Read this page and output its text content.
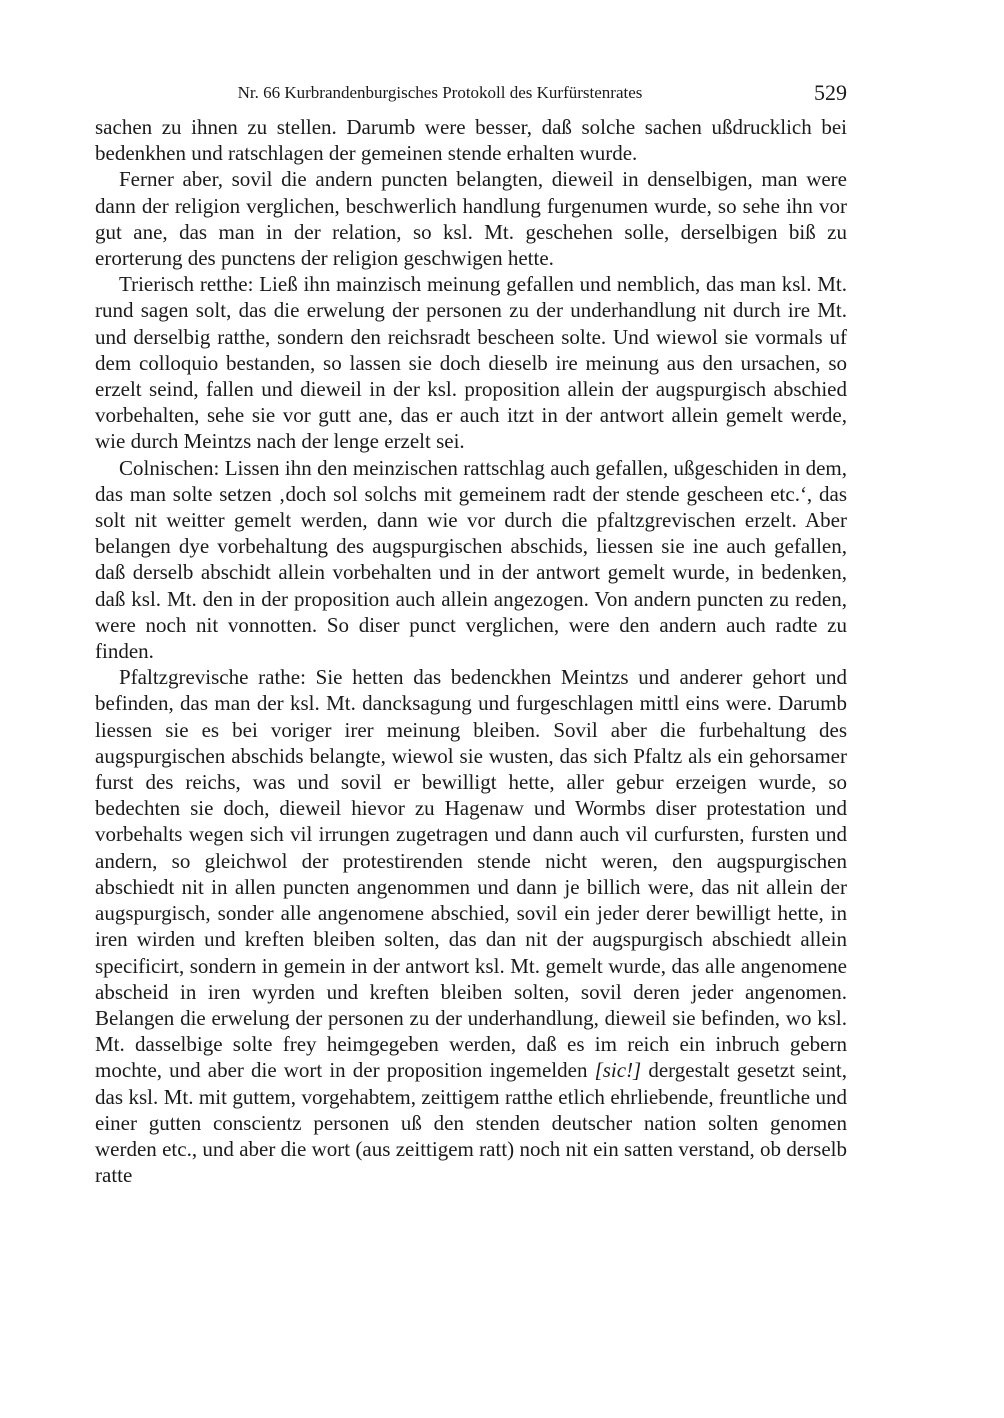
Nr. 66 Kurbrandenburgisches Protokoll des Kurfürstenrates	529

sachen zu ihnen zu stellen. Darumb were besser, daß solche sachen ußdrucklich bei bedenkhen und ratschlagen der gemeinen stende erhalten wurde.

Ferner aber, sovil die andern puncten belangten, dieweil in denselbigen, man were dann der religion verglichen, beschwerlich handlung furgenumen wurde, so sehe ihn vor gut ane, das man in der relation, so ksl. Mt. geschehen solle, derselbigen biß zu erorterung des punctens der religion geschwigen hette.

Trierisch retthe: Ließ ihn mainzisch meinung gefallen und nemblich, das man ksl. Mt. rund sagen solt, das die erwelung der personen zu der underhandlung nit durch ire Mt. und derselbig ratthe, sondern den reichsradt bescheen solte. Und wiewol sie vormals uf dem colloquio bestanden, so lassen sie doch dieselb ire meinung aus den ursachen, so erzelt seind, fallen und dieweil in der ksl. proposition allein der augspurgisch abschied vorbehalten, sehe sie vor gutt ane, das er auch itzt in der antwort allein gemelt werde, wie durch Meintzs nach der lenge erzelt sei.

Colnischen: Lissen ihn den meinzischen rattschlag auch gefallen, ußgeschiden in dem, das man solte setzen ‚doch sol solchs mit gemeinem radt der stende gescheen etc.‘, das solt nit weitter gemelt werden, dann wie vor durch die pfaltzgrevischen erzelt. Aber belangen dye vorbehaltung des augspurgischen abschids, liessen sie ine auch gefallen, daß derselb abschidt allein vorbehalten und in der antwort gemelt wurde, in bedenken, daß ksl. Mt. den in der proposition auch allein angezogen. Von andern puncten zu reden, were noch nit vonnotten. So diser punct verglichen, were den andern auch radte zu finden.

Pfaltzgrevische rathe: Sie hetten das bedenckhen Meintzs und anderer gehort und befinden, das man der ksl. Mt. dancksagung und furgeschlagen mittl eins were. Darumb liessen sie es bei voriger irer meinung bleiben. Sovil aber die furbehaltung des augspurgischen abschids belangte, wiewol sie wusten, das sich Pfaltz als ein gehorsamer furst des reichs, was und sovil er bewilligt hette, aller gebur erzeigen wurde, so bedechten sie doch, dieweil hievor zu Hagenaw und Wormbs diser protestation und vorbehalts wegen sich vil irrungen zugetragen und dann auch vil curfursten, fursten und andern, so gleichwol der protestirenden stende nicht weren, den augspurgischen abschiedt nit in allen puncten angenommen und dann je billich were, das nit allein der augspurgisch, sonder alle angenomene abschied, sovil ein jeder derer bewilligt hette, in iren wirden und kreften bleiben solten, das dan nit der augspurgisch abschiedt allein specificirt, sondern in gemein in der antwort ksl. Mt. gemelt wurde, das alle angenomene abscheid in iren wyrden und kreften bleiben solten, sovil deren jeder angenomen. Belangen die erwelung der personen zu der underhandlung, dieweil sie befinden, wo ksl. Mt. dasselbige solte frey heimgegeben werden, daß es im reich ein inbruch gebern mochte, und aber die wort in der proposition ingemelden [sic!] dergestalt gesetzt seint, das ksl. Mt. mit guttem, vorgehabtem, zeittigem ratthe etlich ehrliebende, freuntliche und einer gutten conscientz personen uß den stenden deutscher nation solten genomen werden etc., und aber die wort (aus zeittigem ratt) noch nit ein satten verstand, ob derselb ratte
